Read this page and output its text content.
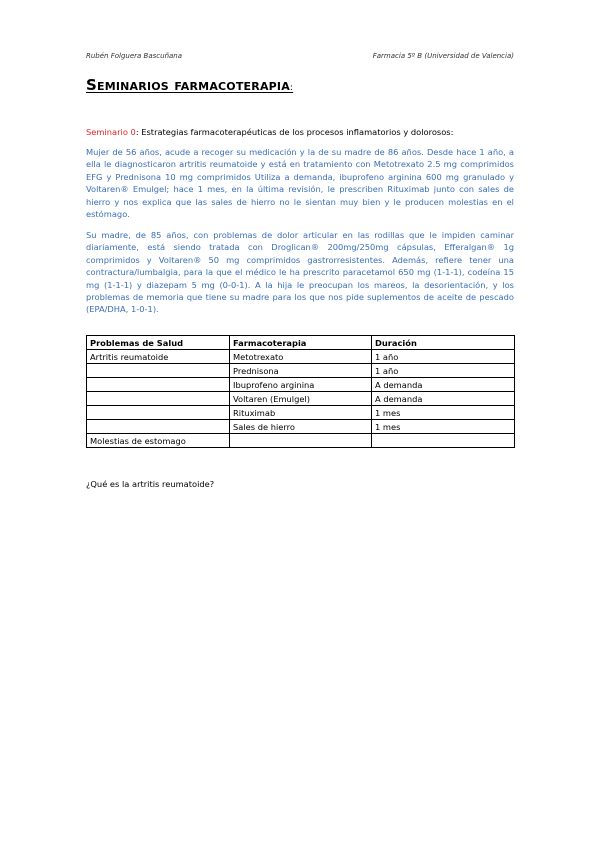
Rubén Folguera Bascuñana	Farmacia 5º B (Universidad de Valencia)
Seminarios farmacoterapia:
Seminario 0: Estrategias farmacoterapéuticas de los procesos inflamatorios y dolorosos:
Mujer de 56 años, acude a recoger su medicación y la de su madre de 86 años. Desde hace 1 año, a ella le diagnosticaron artritis reumatoide y está en tratamiento con Metotrexato 2.5 mg comprimidos EFG y Prednisona 10 mg comprimidos Utiliza a demanda, ibuprofeno arginina 600 mg granulado y Voltaren® Emulgel; hace 1 mes, en la última revisión, le prescriben Rituximab junto con sales de hierro y nos explica que las sales de hierro no le sientan muy bien y le producen molestias en el estómago.
Su madre, de 85 años, con problemas de dolor articular en las rodillas que le impiden caminar diariamente, está siendo tratada con Droglican® 200mg/250mg cápsulas, Efferalgan® 1g comprimidos y Voltaren® 50 mg comprimidos gastrorresistentes. Además, refiere tener una contractura/lumbalgia, para la que el médico le ha prescrito paracetamol 650 mg (1-1-1), codeína 15 mg (1-1-1) y diazepam 5 mg (0-0-1). A la hija le preocupan los mareos, la desorientación, y los problemas de memoria que tiene su madre para los que nos pide suplementos de aceite de pescado (EPA/DHA, 1-0-1).
Problemas de Salud	Farmacoterapia	Duración
Artritis reumatoide	Metotrexato	1 año
	Prednisona	1 año
	Ibuprofeno arginina	A demanda
	Voltaren (Emulgel)	A demanda
	Rituximab	1 mes
	Sales de hierro	1 mes
Molestias de estomago		
¿Qué es la artritis reumatoide?
